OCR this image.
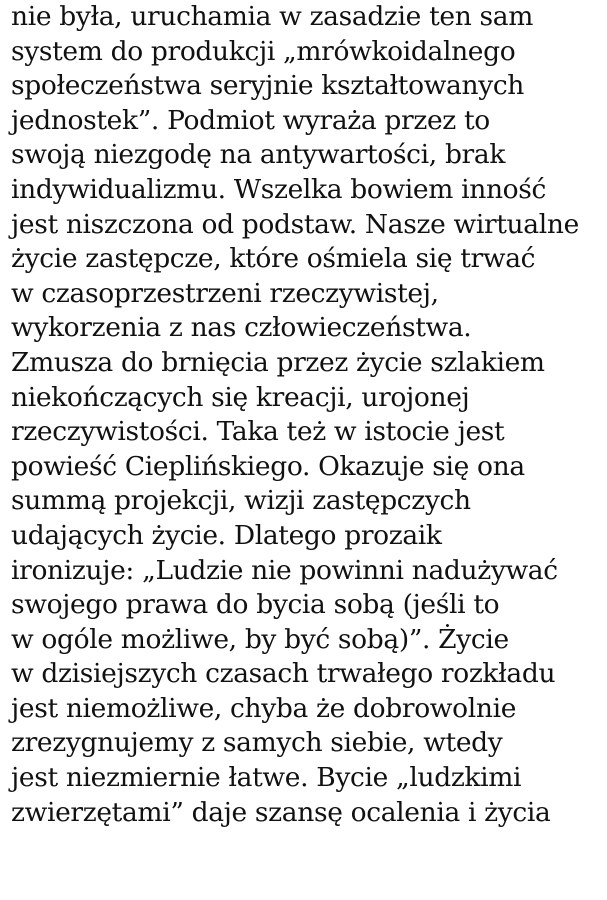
nie była, uruchamia w zasadzie ten sam
system do produkcji „mrówkoidalnego
społeczeństwa seryjnie kształtowanych
jednostek”. Podmiot wyraża przez to
swoją niezgodę na antywartości, brak
indywidualizmu. Wszelka bowiem inność
jest niszczona od podstaw. Nasze wirtualne
życie zastępcze, które ośmiela się trwać
w czasoprzestrzeni rzeczywistej,
wykorzenia z nas człowieczeństwa.
Zmusza do brnięcia przez życie szlakiem
niekończących się kreacji, urojonej
rzeczywistości. Taka też w istocie jest
powieść Cieplińskiego. Okazuje się ona
summą projekcji, wizji zastępczych
udających życie. Dlatego prozaik
ironizuje: „Ludzie nie powinni nadużywać
swojego prawa do bycia sobą (jeśli to
w ogóle możliwe, by być sobą)”. Życie
w dzisiejszych czasach trwałego rozkładu
jest niemożliwe, chyba że dobrowolnie
zrezygnujemy z samych siebie, wtedy
jest niezmiernie łatwe. Bycie „ludzkimi
zwierzętami” daje szansę ocalenia i życia
